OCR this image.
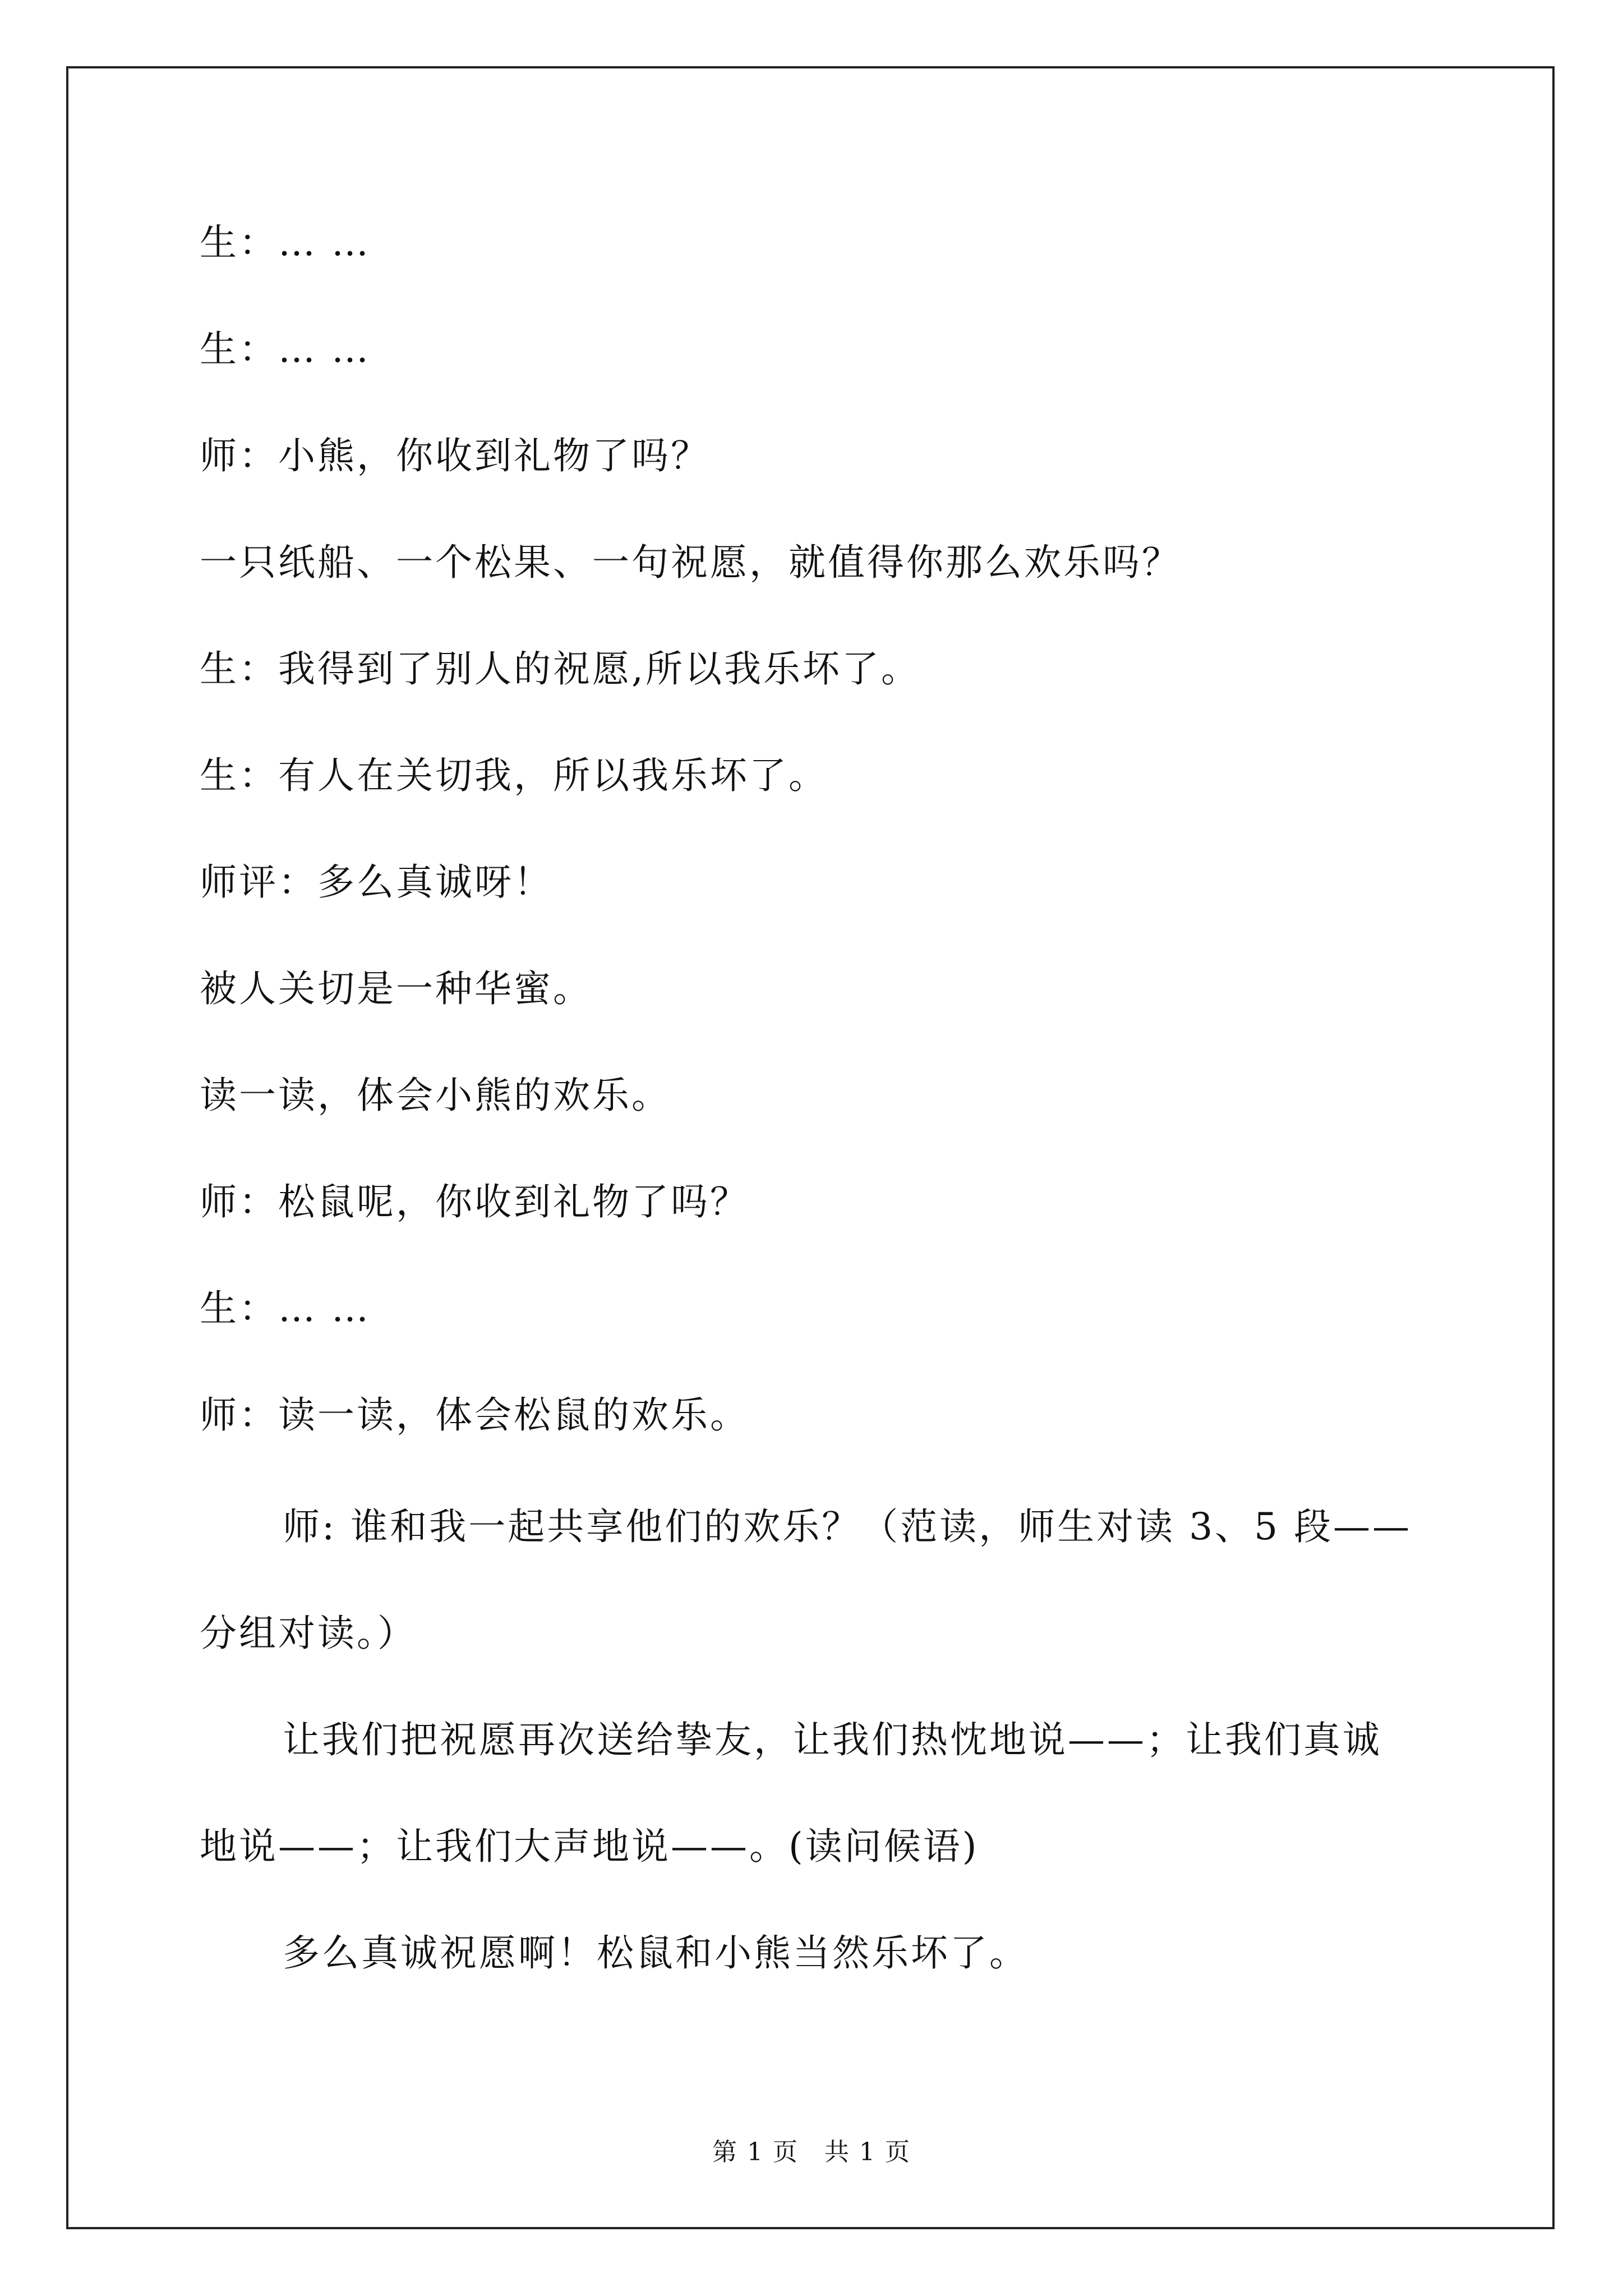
生：… …
生：… …
师：小熊，你收到礼物了吗？
一只纸船、一个松果、一句祝愿，就值得你那么欢乐吗？
生：我得到了别人的祝愿,所以我乐坏了。
生：有人在关切我，所以我乐坏了。
师评：多么真诚呀！
被人关切是一种华蜜。
读一读，体会小熊的欢乐。
师：松鼠呢，你收到礼物了吗？
生：… …
师：读一读，体会松鼠的欢乐。
师: 谁和我一起共享他们的欢乐？（范读，师生对读 3、5 段——
分组对读。）
让我们把祝愿再次送给挚友，让我们热忱地说——；让我们真诚
地说——；让我们大声地说——。(读问候语)
多么真诚祝愿啊！松鼠和小熊当然乐坏了。
第 1 页　共 1 页
